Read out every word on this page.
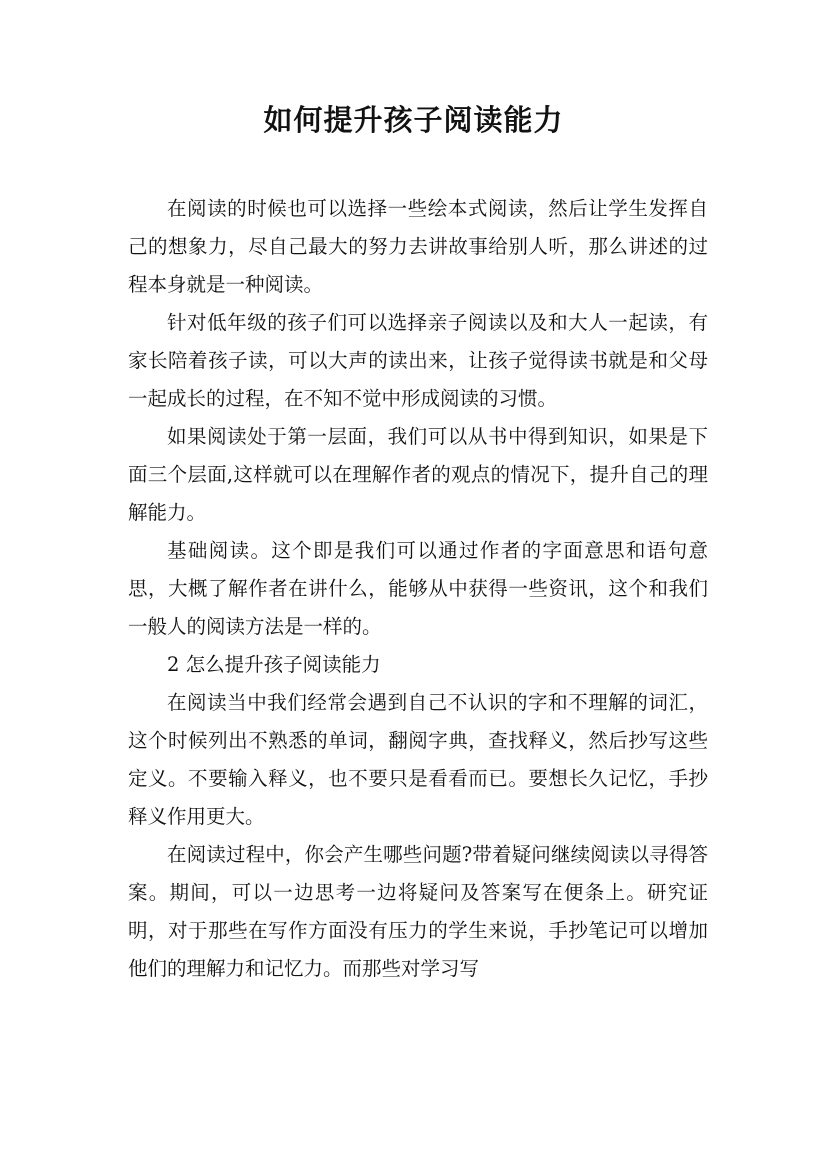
如何提升孩子阅读能力

在阅读的时候也可以选择一些绘本式阅读，然后让学生发挥自己的想象力，尽自己最大的努力去讲故事给别人听，那么讲述的过程本身就是一种阅读。

针对低年级的孩子们可以选择亲子阅读以及和大人一起读，有家长陪着孩子读，可以大声的读出来，让孩子觉得读书就是和父母一起成长的过程，在不知不觉中形成阅读的习惯。

如果阅读处于第一层面，我们可以从书中得到知识，如果是下面三个层面,这样就可以在理解作者的观点的情况下，提升自己的理解能力。

基础阅读。这个即是我们可以通过作者的字面意思和语句意思，大概了解作者在讲什么，能够从中获得一些资讯，这个和我们一般人的阅读方法是一样的。

2 怎么提升孩子阅读能力

在阅读当中我们经常会遇到自己不认识的字和不理解的词汇，这个时候列出不熟悉的单词，翻阅字典，查找释义，然后抄写这些定义。不要输入释义，也不要只是看看而已。要想长久记忆，手抄释义作用更大。

在阅读过程中，你会产生哪些问题?带着疑问继续阅读以寻得答案。期间，可以一边思考一边将疑问及答案写在便条上。研究证明，对于那些在写作方面没有压力的学生来说，手抄笔记可以增加他们的理解力和记忆力。而那些对学习写
